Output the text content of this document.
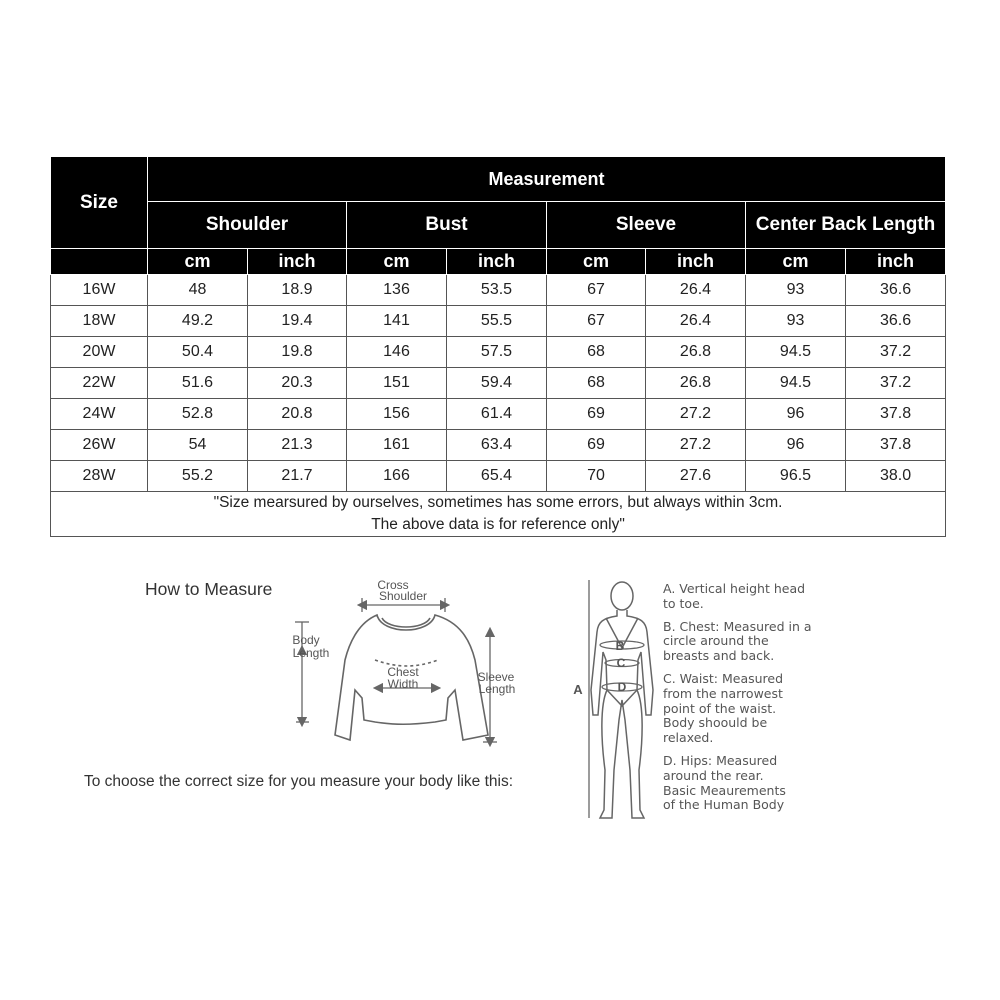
Size	Measurement							
	Shoulder		Bust		Sleeve		Center Back Length	
	cm	inch	cm	inch	cm	inch	cm	inch
16W	48	18.9	136	53.5	67	26.4	93	36.6
18W	49.2	19.4	141	55.5	67	26.4	93	36.6
20W	50.4	19.8	146	57.5	68	26.8	94.5	37.2
22W	51.6	20.3	151	59.4	68	26.8	94.5	37.2
24W	52.8	20.8	156	61.4	69	27.2	96	37.8
26W	54	21.3	161	63.4	69	27.2	96	37.8
28W	55.2	21.7	166	65.4	70	27.6	96.5	38.0

"Size mearsured by ourselves, sometimes has some errors, but always within 3cm.
The above data is for reference only"								
How to Measure	Cross
Shoulder
Body
Length
Chest
Width	Sleeve
Length	A
B
C
D
To choose the correct size for you measure your body like this:

A. Vertical height head
to toe.

B. Chest: Measured in a
circle around the
breasts and back.

C. Waist: Measured
from the narrowest
point of the waist.
Body shoould be
relaxed.

D. Hips: Measured
around the rear.
Basic Meaurements
of the Human Body
